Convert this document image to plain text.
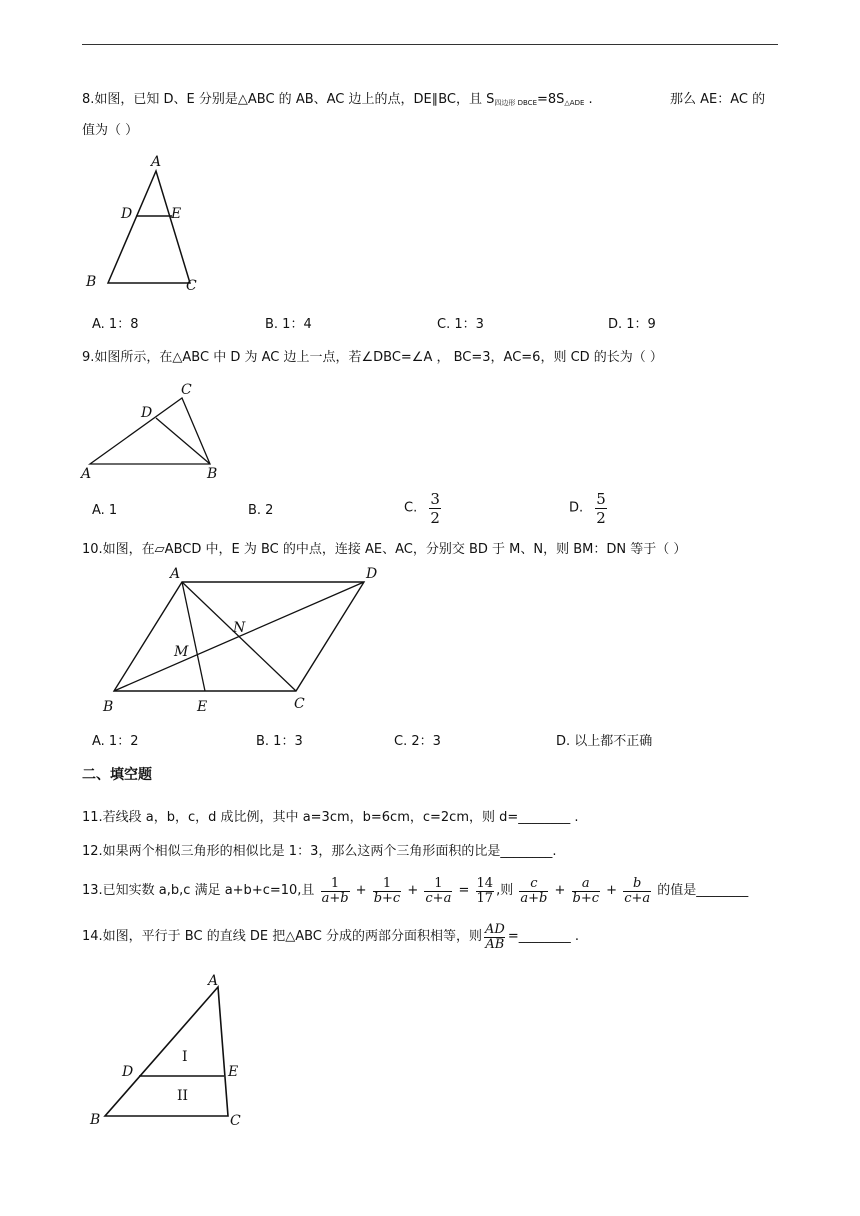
8.如图，已知 D、E 分别是△ABC 的 AB、AC 边上的点，DE∥BC，且 $S_{四边形 DBCE}=8S_{\triangle ADE}$ .	那么 AE：AC 的
值为（ ）
A
D	E
B	C
A. 1：8	B. 1：4	C. 1：3	D. 1：9
9.如图所示，在△ABC 中 D 为 AC 边上一点，若∠DBC=∠A ， BC=3，AC=6，则 CD 的长为（ ）
C
D
A	B
A. 1	B. 2	C. $\frac{3}{2}$	D. $\frac{5}{2}$
10.如图，在▱ABCD 中，E 为 BC 的中点，连接 AE、AC，分别交 BD 于 M、N，则 BM：DN 等于（ ）
A	D
N
M
B	E	C
A. 1：2	B. 1：3	C. 2：3	D. 以上都不正确
二、填空题
11.若线段 a，b，c，d 成比例，其中 a=3cm，b=6cm，c=2cm，则 d=________ .
12.如果两个相似三角形的相似比是 1：3，那么这两个三角形面积的比是________.
13.已知实数 a,b,c 满足 a+b+c=10,且 $\frac{1}{a+b} + \frac{1}{b+c} + \frac{1}{c+a} = \frac{14}{17}$ ,则 $\frac{c}{a+b} + \frac{a}{b+c} + \frac{b}{c+a}$ 的值是________
14.如图，平行于 BC 的直线 DE 把△ABC 分成的两部分面积相等，则 $\frac{AD}{AB}$ =________ .
A
D	E
B	C
I
II
